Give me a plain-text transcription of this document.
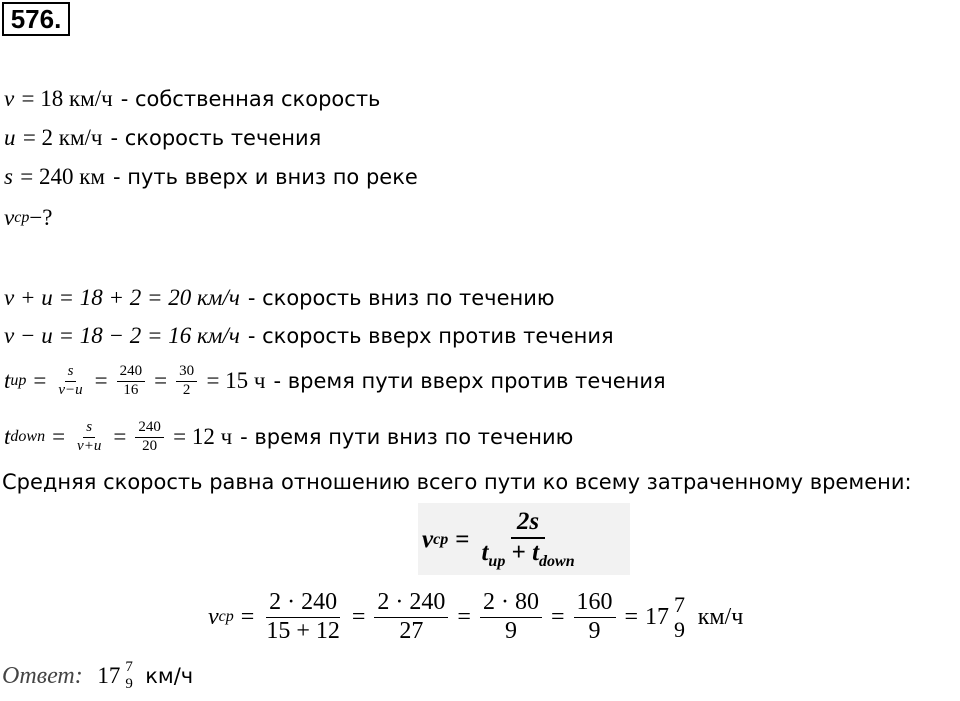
576.
v
= 18 км/ч - собственная скорость
u
= 2 км/ч - скорость течения
s
= 240 км - путь вверх и вниз по реке
v cp −?
v + u = 18 + 2 = 20 км/ч - скорость вниз по течению
v − u = 18 − 2 = 16 км/ч - скорость вверх против течения
t up = $\frac{s}{v-u} = \frac{240}{16} = \frac{30}{2}$
= 15 ч - время пути вверх против течения
t down = $\frac{s}{v+u} = \frac{240}{20}$
= 12 ч - время пути вниз по течению
Средняя скорость равна отношению всего пути ко всему затраченному времени:
v cp = $\frac{2s}{t_{up} + t_{down}}$
v cp = $\frac{2 \cdot 240}{15 + 12} = \frac{2 \cdot 240}{27} = \frac{2 \cdot 80}{9} = \frac{160}{9} = 17$ 7
9
км/ч
Ответ:
17 7
9
км/ч
